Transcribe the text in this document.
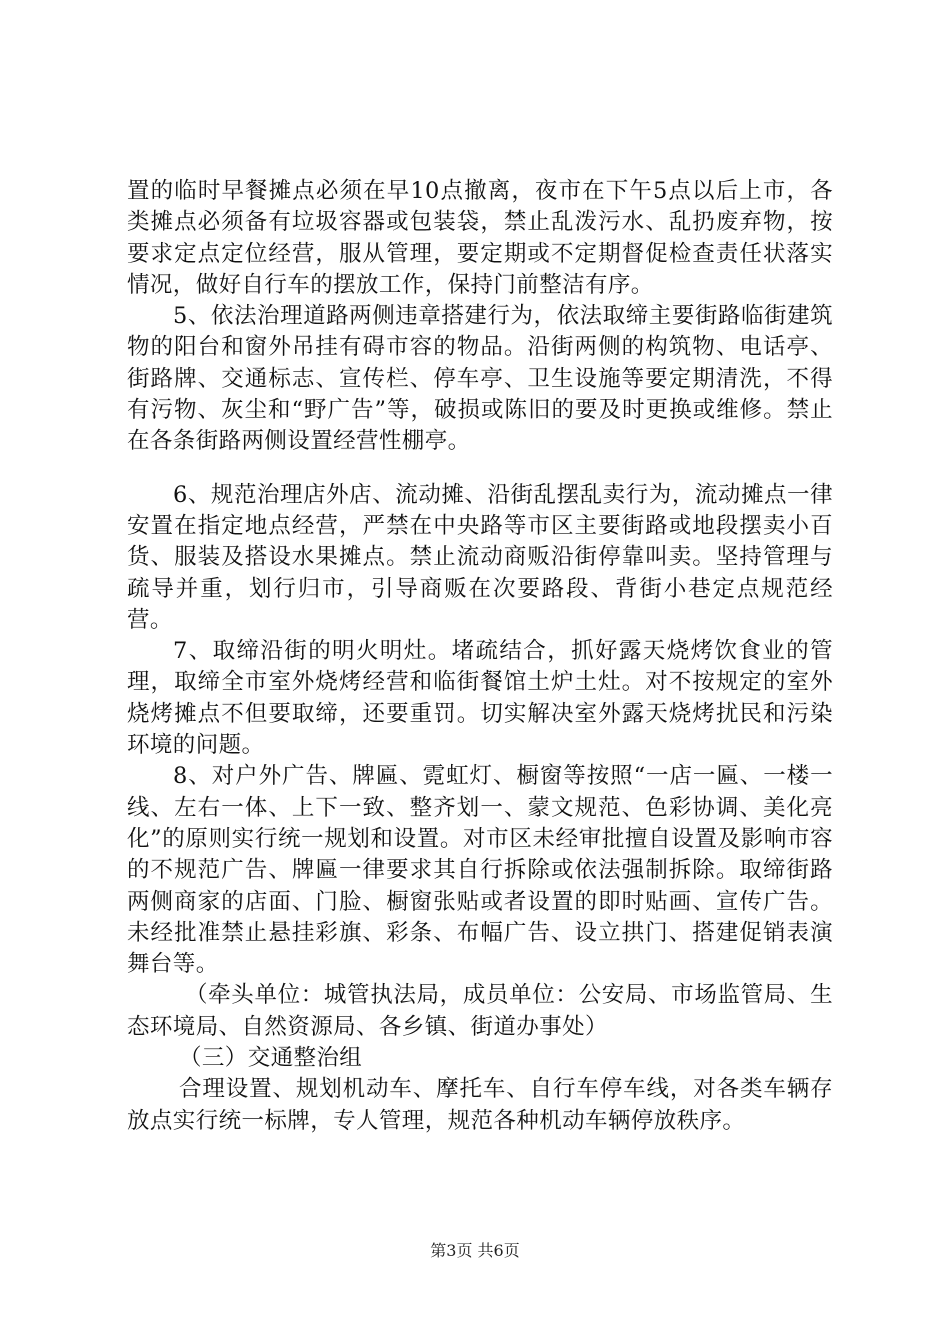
置的临时早餐摊点必须在早10点撤离，夜市在下午5点以后上市，各类摊点必须备有垃圾容器或包装袋，禁止乱泼污水、乱扔废弃物，按要求定点定位经营，服从管理，要定期或不定期督促检查责任状落实情况，做好自行车的摆放工作，保持门前整洁有序。

5、依法治理道路两侧违章搭建行为，依法取缔主要街路临街建筑物的阳台和窗外吊挂有碍市容的物品。沿街两侧的构筑物、电话亭、街路牌、交通标志、宣传栏、停车亭、卫生设施等要定期清洗，不得有污物、灰尘和“野广告”等，破损或陈旧的要及时更换或维修。禁止在各条街路两侧设置经营性棚亭。

6、规范治理店外店、流动摊、沿街乱摆乱卖行为，流动摊点一律安置在指定地点经营，严禁在中央路等市区主要街路或地段摆卖小百货、服装及搭设水果摊点。禁止流动商贩沿街停靠叫卖。坚持管理与疏导并重，划行归市，引导商贩在次要路段、背街小巷定点规范经营。

7、取缔沿街的明火明灶。堵疏结合，抓好露天烧烤饮食业的管理，取缔全市室外烧烤经营和临街餐馆土炉土灶。对不按规定的室外烧烤摊点不但要取缔，还要重罚。切实解决室外露天烧烤扰民和污染环境的问题。

8、对户外广告、牌匾、霓虹灯、橱窗等按照“一店一匾、一楼一线、左右一体、上下一致、整齐划一、蒙文规范、色彩协调、美化亮化”的原则实行统一规划和设置。对市区未经审批擅自设置及影响市容的不规范广告、牌匾一律要求其自行拆除或依法强制拆除。取缔街路两侧商家的店面、门脸、橱窗张贴或者设置的即时贴画、宣传广告。未经批准禁止悬挂彩旗、彩条、布幅广告、设立拱门、搭建促销表演舞台等。

（牵头单位：城管执法局，成员单位：公安局、市场监管局、生态环境局、自然资源局、各乡镇、街道办事处）

（三）交通整治组

合理设置、规划机动车、摩托车、自行车停车线，对各类车辆存放点实行统一标牌，专人管理，规范各种机动车辆停放秩序。

第3页 共6页
